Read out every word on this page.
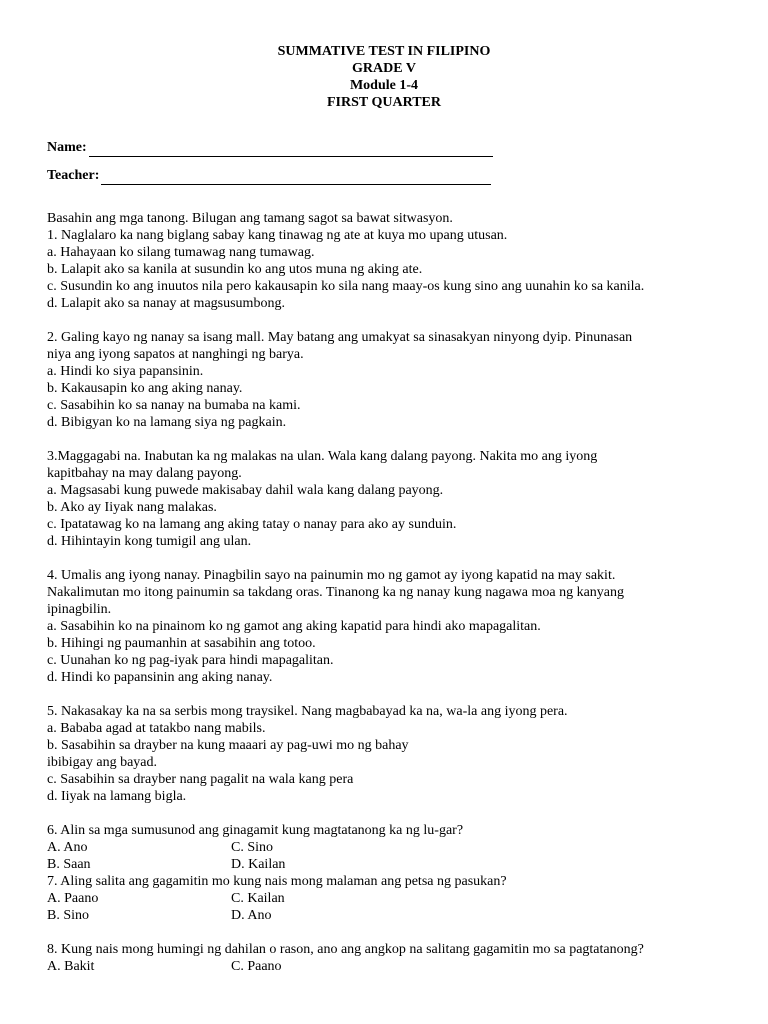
SUMMATIVE TEST IN FILIPINO
GRADE V
Module 1-4
FIRST QUARTER
Name:
Teacher:
Basahin ang mga tanong. Bilugan ang tamang sagot sa bawat sitwasyon.
1. Naglalaro ka nang biglang sabay kang tinawag ng ate at kuya mo upang utusan.
a. Hahayaan ko silang tumawag nang tumawag.
b. Lalapit ako sa kanila at susundin ko ang utos muna ng aking ate.
c. Susundin ko ang inuutos nila pero kakausapin ko sila nang maay-os kung sino ang uunahin ko sa kanila.
d. Lalapit ako sa nanay at magsusumbong.
2. Galing kayo ng nanay sa isang mall. May batang ang umakyat sa sinasakyan ninyong dyip. Pinunasan
niya ang iyong sapatos at nanghingi ng barya.
a. Hindi ko siya papansinin.
b. Kakausapin ko ang aking nanay.
c. Sasabihin ko sa nanay na bumaba na kami.
d. Bibigyan ko na lamang siya ng pagkain.
3.Maggagabi na. Inabutan ka ng malakas na ulan. Wala kang dalang payong. Nakita mo ang iyong
kapitbahay na may dalang payong.
a. Magsasabi kung puwede makisabay dahil wala kang dalang payong.
b. Ako ay Iiyak nang malakas.
c. Ipatatawag ko na lamang ang aking tatay o nanay para ako ay sunduin.
d. Hihintayin kong tumigil ang ulan.
4. Umalis ang iyong nanay. Pinagbilin sayo na painumin mo ng gamot ay iyong kapatid na may sakit.
Nakalimutan mo itong painumin sa takdang oras. Tinanong ka ng nanay kung nagawa moa ng kanyang
ipinagbilin.
a. Sasabihin ko na pinainom ko ng gamot ang aking kapatid para hindi ako mapagalitan.
b. Hihingi ng paumanhin at sasabihin ang totoo.
c. Uunahan ko ng pag-iyak para hindi mapagalitan.
d. Hindi ko papansinin ang aking nanay.
5. Nakasakay ka na sa serbis mong traysikel. Nang magbabayad ka na, wa-la ang iyong pera.
a. Bababa agad at tatakbo nang mabils.
b. Sasabihin sa drayber na kung maaari ay pag-uwi mo ng bahay
ibibigay ang bayad.
c. Sasabihin sa drayber nang pagalit na wala kang pera
d. Iiyak na lamang bigla.
6. Alin sa mga sumusunod ang ginagamit kung magtatanong ka ng lu-gar?
A. Ano	C. Sino
B. Saan	D. Kailan
7. Aling salita ang gagamitin mo kung nais mong malaman ang petsa ng pasukan?
A. Paano	C. Kailan
B. Sino	D. Ano
8. Kung nais mong humingi ng dahilan o rason, ano ang angkop na salitang gagamitin mo sa pagtatanong?
A. Bakit	C. Paano
